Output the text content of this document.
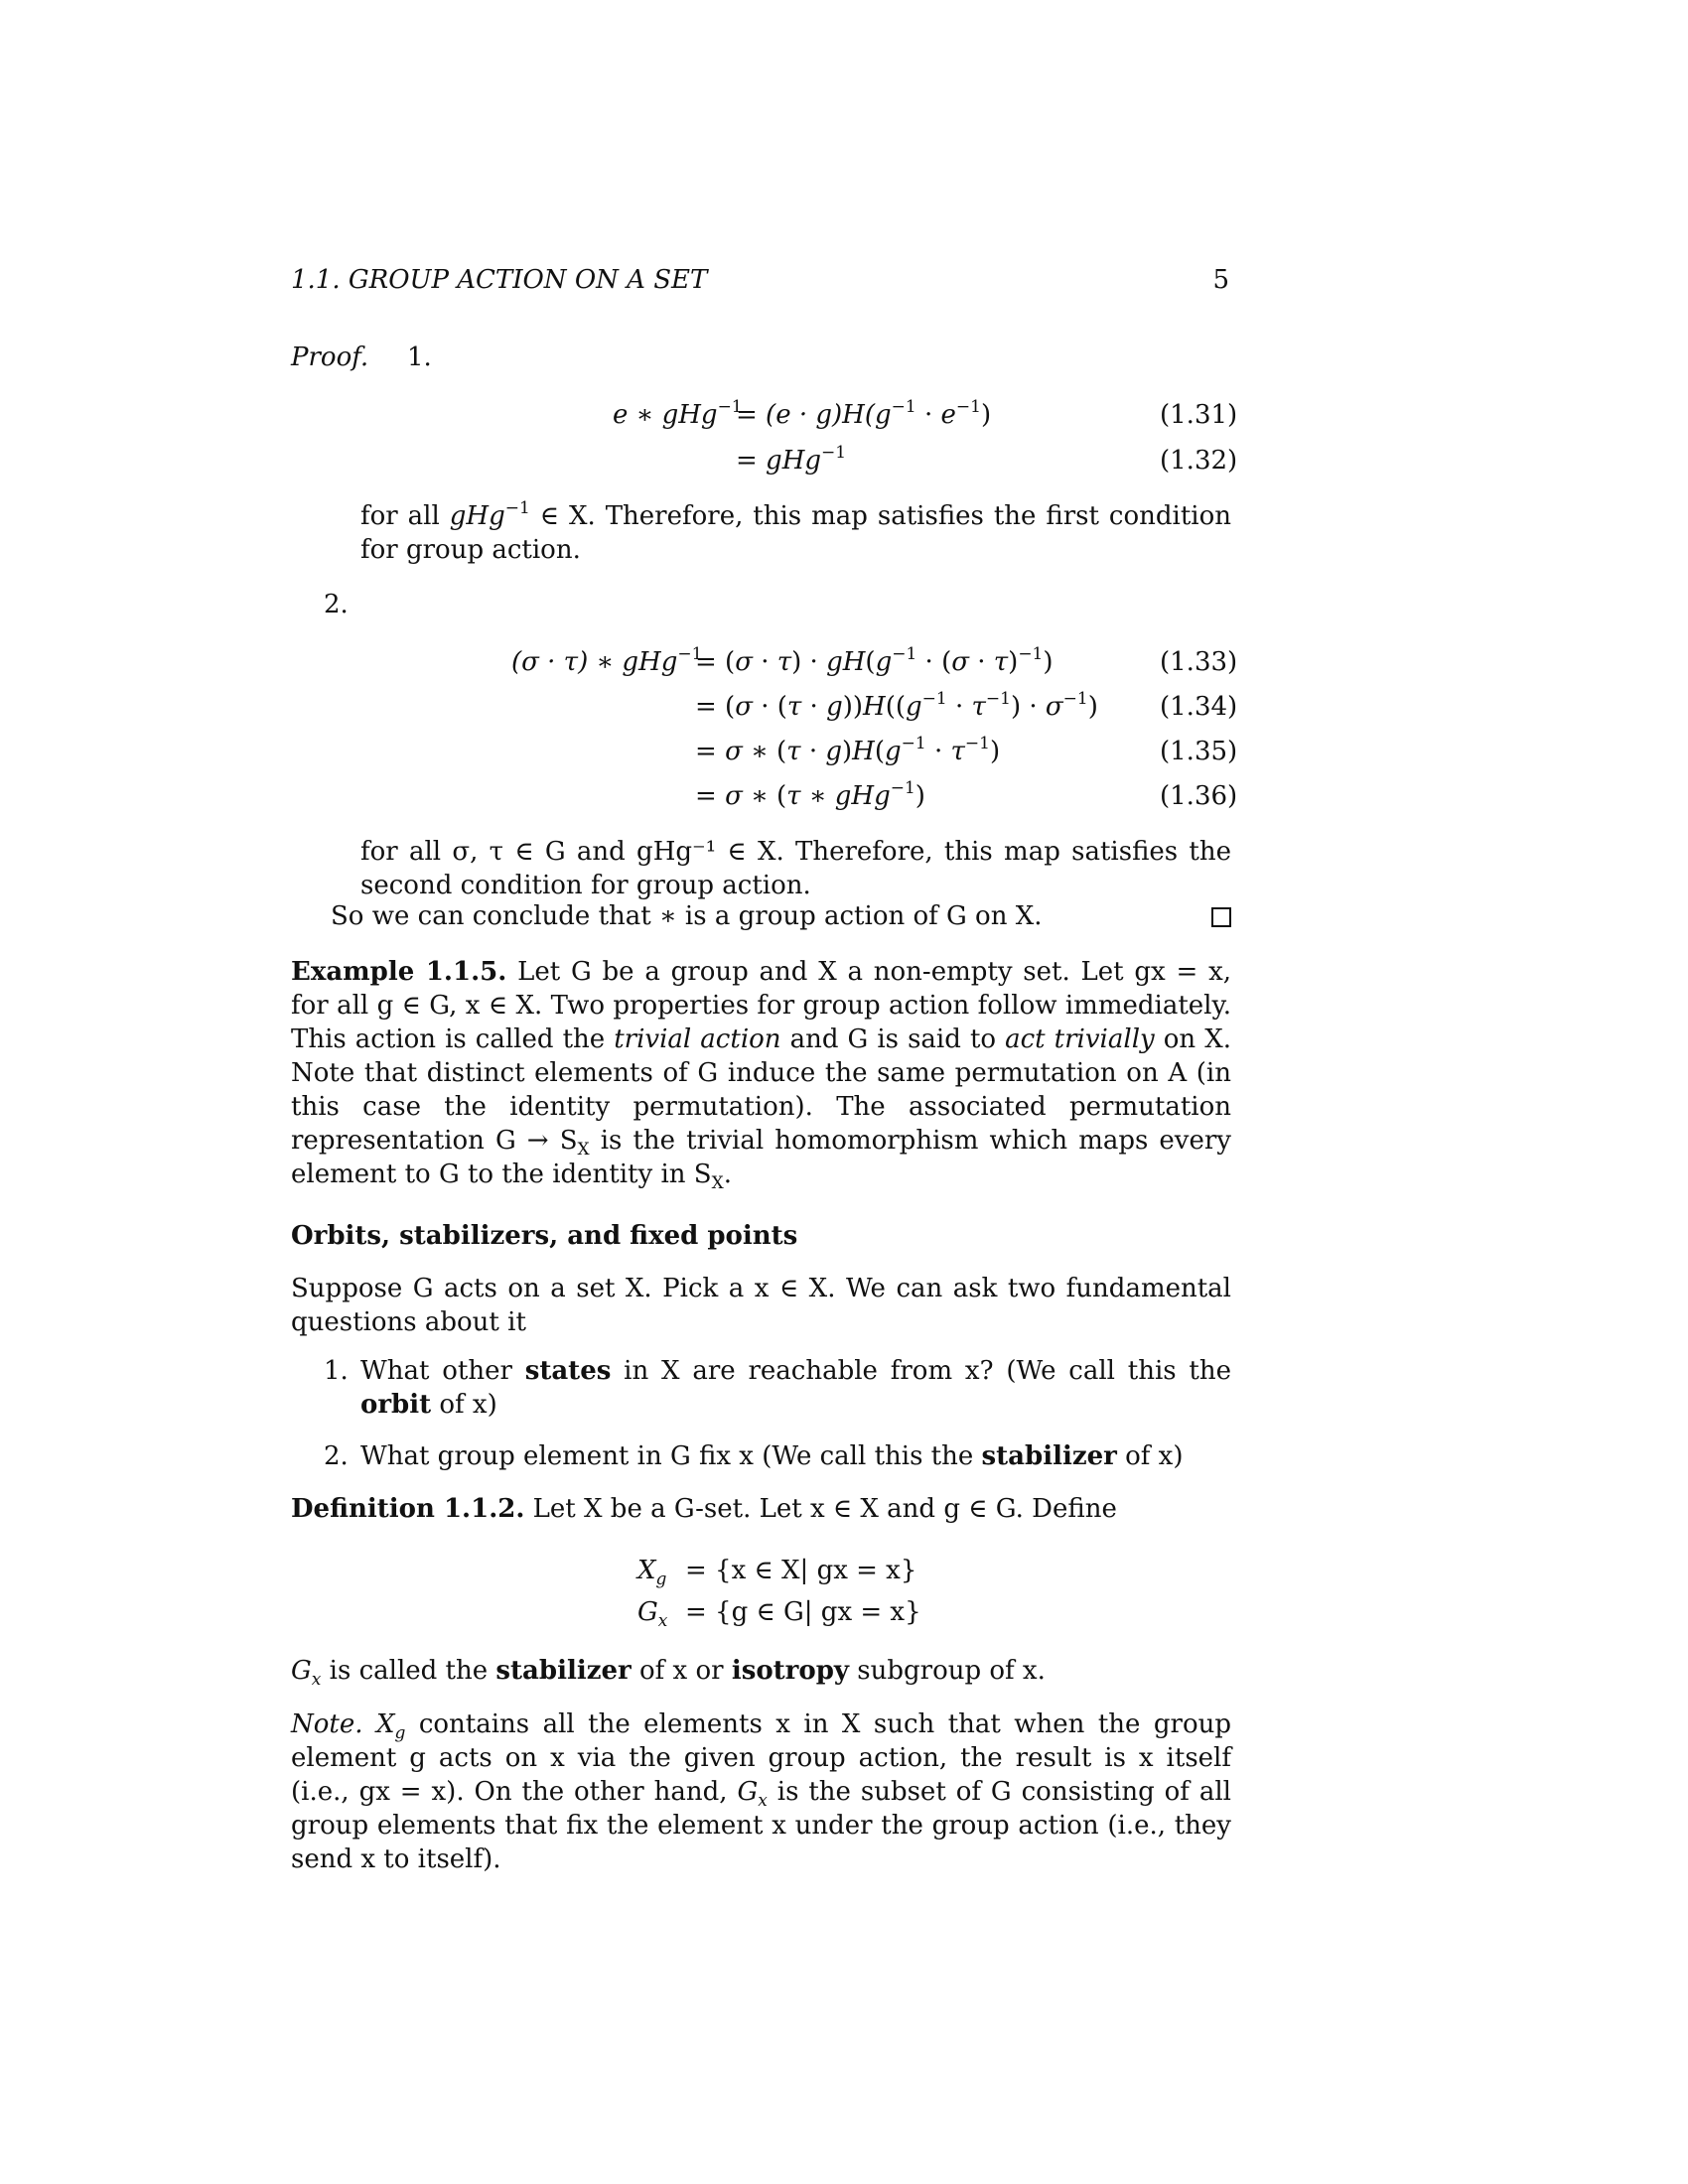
1.1. GROUP ACTION ON A SET	5
Proof. 1.
e ∗ gHg$^{-1}$
= $(e \cdot g)H(g^{-1} \cdot e^{-1})$	(1.31)
= gHg$^{-1}$	(1.32)
for all gHg$^{-1}$ ∈ X. Therefore, this map satisfies the first condition for group action.
2.
(σ · τ) ∗ gHg$^{-1}$
= $(\sigma \cdot \tau) \cdot gH(g^{-1} \cdot (\sigma \cdot \tau)^{-1})$	(1.33)
= $(\sigma \cdot (\tau \cdot g))H((g^{-1} \cdot \tau^{-1}) \cdot \sigma^{-1})$ (1.34)
= σ ∗ $(\tau \cdot g)H(g^{-1} \cdot \tau^{-1})$	(1.35)
= σ ∗ (τ ∗ gHg$^{-1}$)	(1.36)
for all σ, τ ∈ G and gHg⁻¹ ∈ X. Therefore, this map satisfies the second condition for group action.
So we can conclude that ∗ is a group action of G on X.
Example 1.1.5. Let G be a group and X a non-empty set. Let gx = x, for all g ∈ G, x ∈ X. Two properties for group action follow immediately. This action is called the trivial action and G is said to act trivially on X. Note that distinct elements of G induce the same permutation on A (in this case the identity permutation). The associated permutation representation $G \to S_X$ is the trivial homomorphism which maps every element to G to the identity in $S_X$.
Orbits, stabilizers, and fixed points
Suppose G acts on a set X. Pick a x ∈ X. We can ask two fundamental questions about it
1. What other states in X are reachable from x? (We call this the orbit of x)
2. What group element in G fix x (We call this the stabilizer of x)
Definition 1.1.2. Let X be a G-set. Let x ∈ X and g ∈ G. Define
$X_g = \{x$ ∈ X| gx = x}
$G_x = \{g$ ∈ G| gx = x}
$G_x$ is called the stabilizer of x or isotropy subgroup of x.
Note. $X_g$ contains all the elements x in X such that when the group element g acts on x via the given group action, the result is x itself (i.e., gx = x). On the other hand, $G_x$ is the subset of G consisting of all group elements that fix the element x under the group action (i.e., they send x to itself).
